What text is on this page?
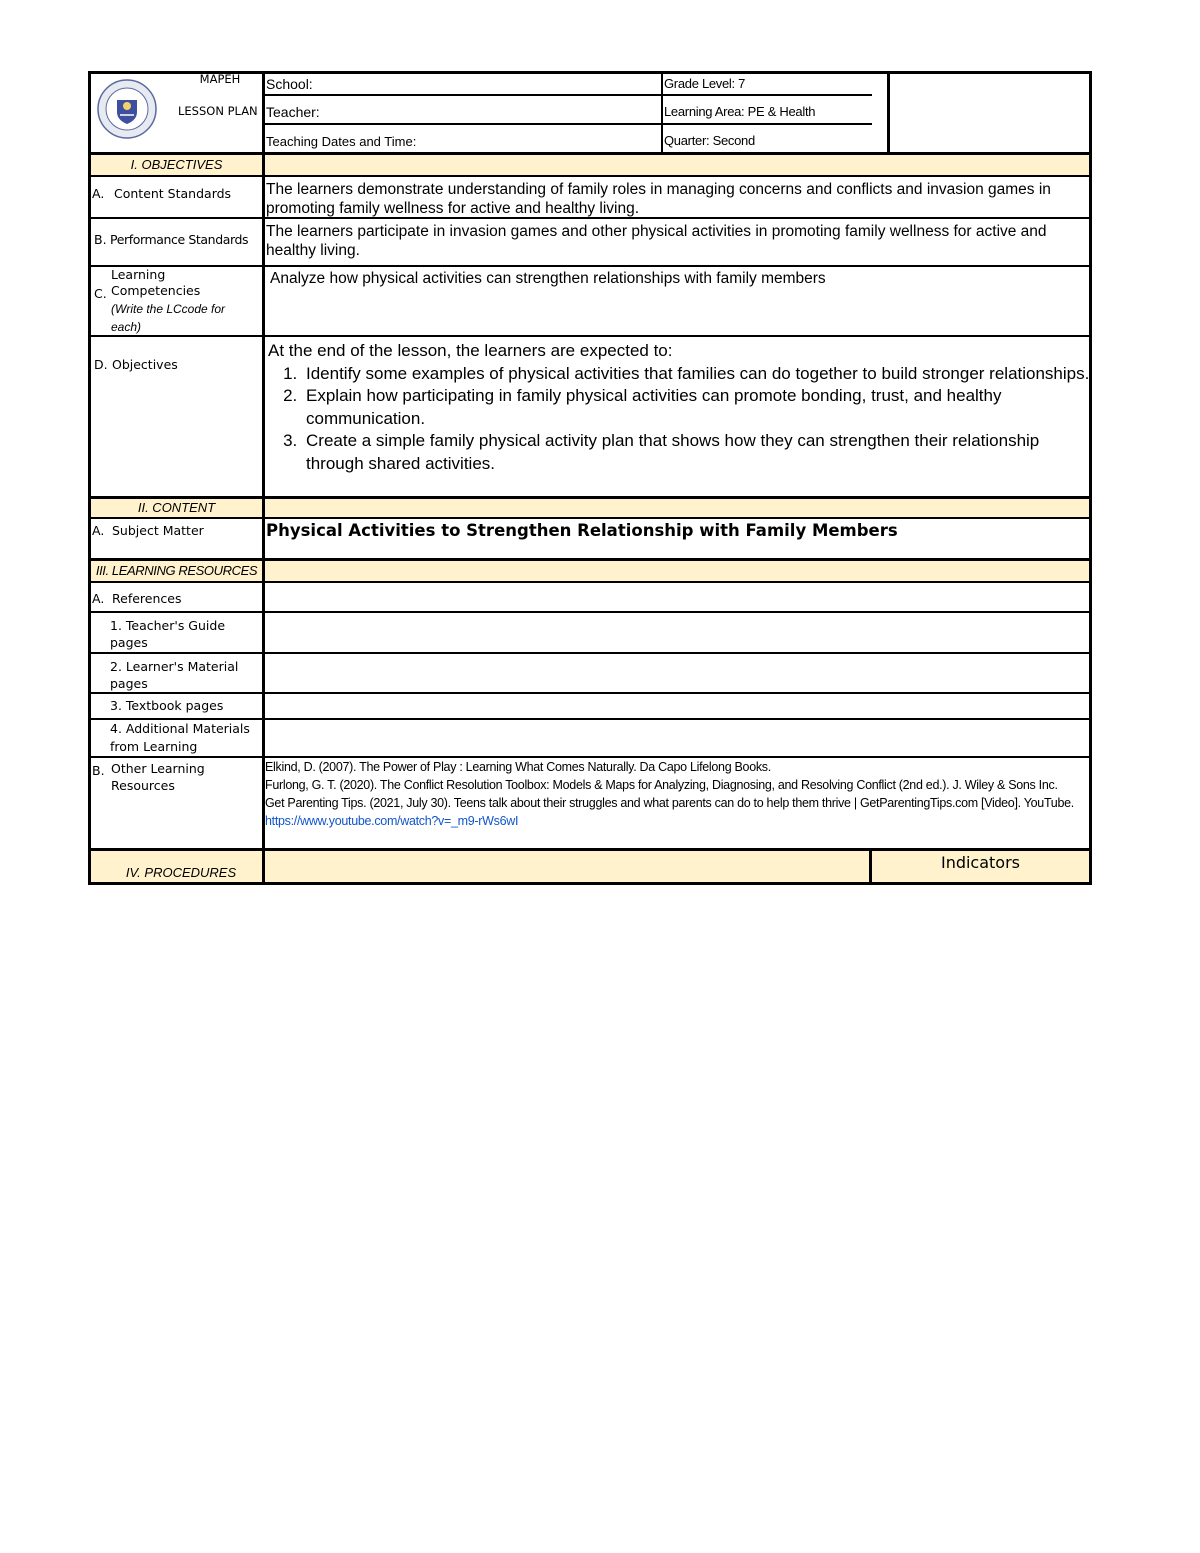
MAPEH
LESSON PLAN
School:
Teacher:
Teaching Dates and Time:
Grade Level: 7
Learning Area: PE & Health
Quarter: Second
I. OBJECTIVES
A. Content Standards The learners demonstrate understanding of family roles in managing concerns and conflicts and invasion games in promoting family wellness for active and healthy living.
B. Performance Standards The learners participate in invasion games and other physical activities in promoting family wellness for active and healthy living.
C.
Learning Competencies
(Write the LCcode for each)
Analyze how physical activities can strengthen relationships with family members
D. Objectives
At the end of the lesson, the learners are expected to:
1. Identify some examples of physical activities that families can do together to build stronger relationships.
2. Explain how participating in family physical activities can promote bonding, trust, and healthy communication.
3. Create a simple family physical activity plan that shows how they can strengthen their relationship through shared activities.
II. CONTENT
A. Subject Matter	Physical Activities to Strengthen Relationship with Family Members
III. LEARNING RESOURCES
A. References
1. Teacher's Guide pages
2. Learner's Material pages
3. Textbook pages
4. Additional Materials from Learning
B. Other Learning Resources
Elkind, D. (2007). The Power of Play : Learning What Comes Naturally. Da Capo Lifelong Books.
Furlong, G. T. (2020). The Conflict Resolution Toolbox: Models & Maps for Analyzing, Diagnosing, and Resolving Conflict (2nd ed.). J. Wiley & Sons Inc.
Get Parenting Tips. (2021, July 30). Teens talk about their struggles and what parents can do to help them thrive | GetParentingTips.com [Video]. YouTube. https://www.youtube.com/watch?v=_m9-rWs6wI
IV. PROCEDURES
Indicators
